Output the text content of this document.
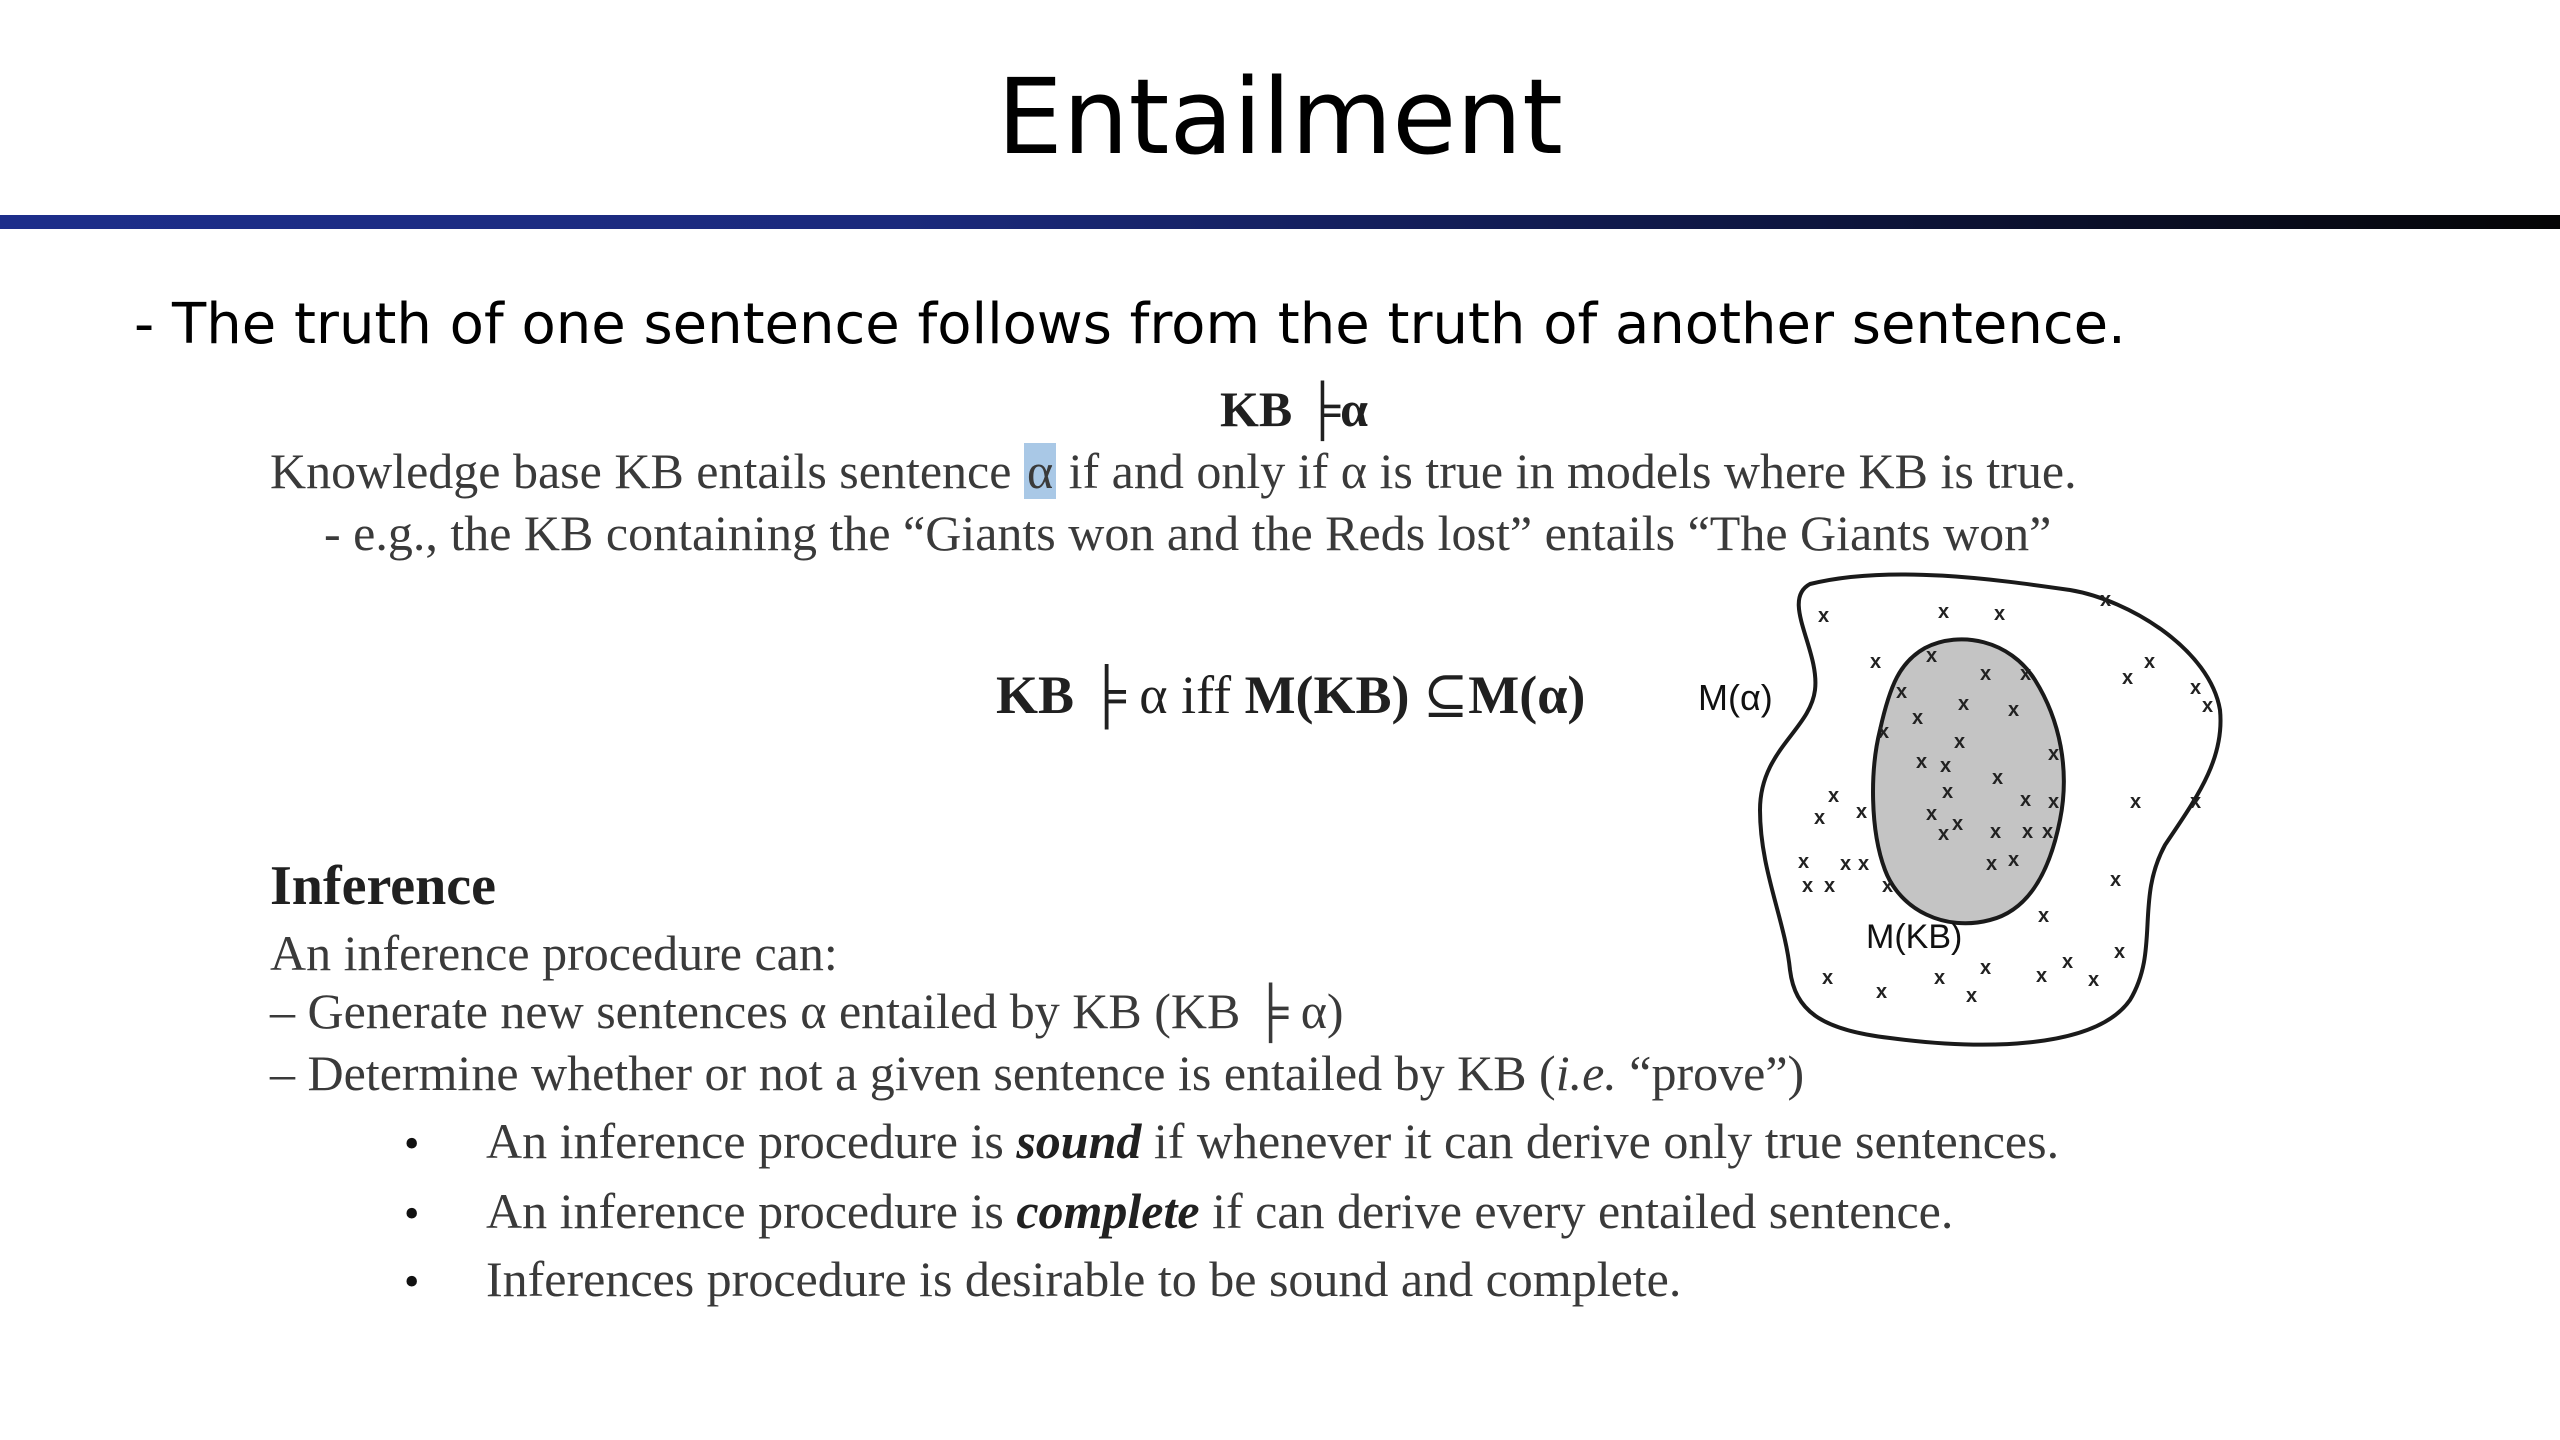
Entailment
- The truth of one sentence follows from the truth of another sentence.
KB ╞α
Knowledge base KB entails sentence α if and only if α is true in models where KB is true.
- e.g., the KB containing the “Giants won and the Reds lost” entails “The Giants won”
KB ╞ α iff M(KB) ⊆M(α)	M(α)
M(KB)
x	x x
x
x
x
x
x	x
x
x
x
x
x
x
x x x
x x x
x
x
x
x
x x
x
x
x
x
x
x x
x
x
x x
x
x x
x
x
x
x
x
x x x x
x x
x
x
x
Inference
An inference procedure can:
– Generate new sentences α entailed by KB (KB ╞ α)
– Determine whether or not a given sentence is entailed by KB (i.e. “prove”)
• An inference procedure is sound if whenever it can derive only true sentences.
• An inference procedure is complete if can derive every entailed sentence.
• Inferences procedure is desirable to be sound and complete.
